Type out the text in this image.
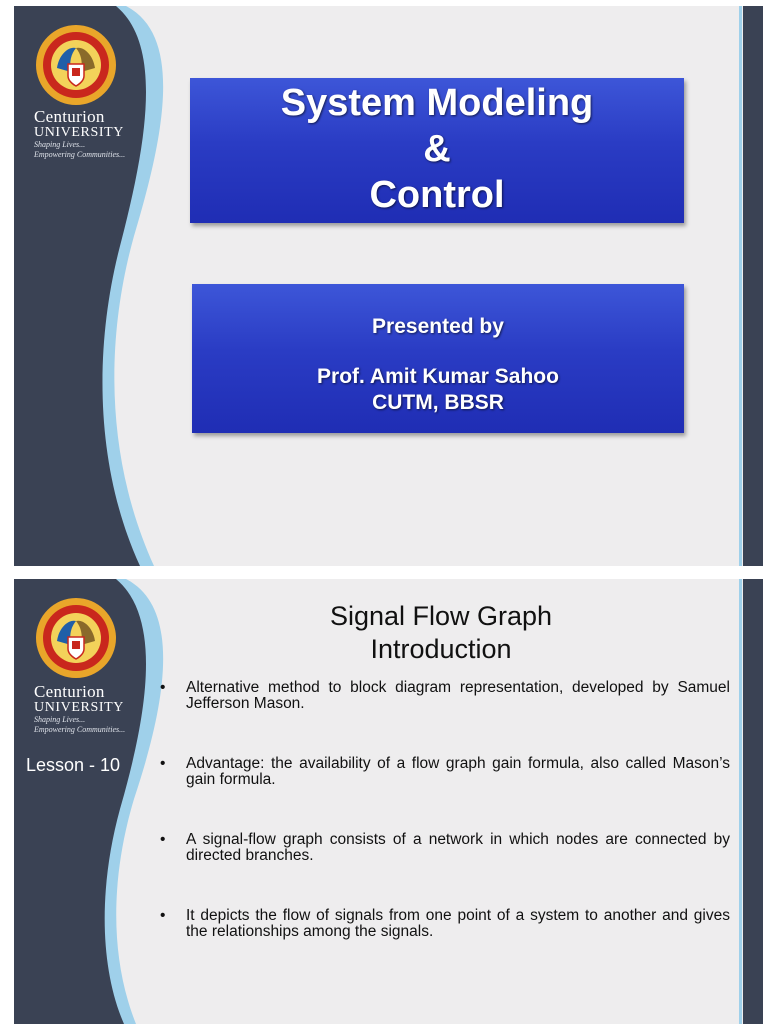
Centurion
UNIVERSITY
Shaping Lives...
Empowering Communities...
System Modeling
&
Control
Presented by
Prof. Amit Kumar Sahoo
CUTM, BBSR
Centurion
UNIVERSITY
Shaping Lives...
Empowering Communities...
Lesson - 10
Signal Flow Graph
Introduction
• Alternative method to block diagram representation, developed by Samuel Jefferson Mason.
• Advantage: the availability of a flow graph gain formula, also called Mason’s gain formula.
• A signal-flow graph consists of a network in which nodes are connected by directed branches.
• It depicts the flow of signals from one point of a system to another and gives the relationships among the signals.
